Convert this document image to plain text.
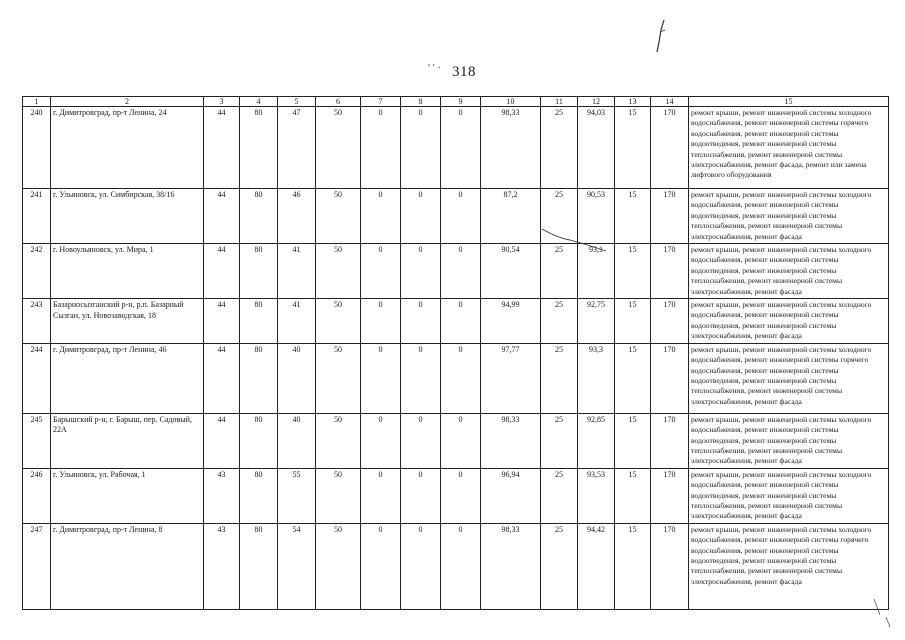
' ' · 318
1	2	3	4	5	6	7	8	9	10	11	12	13	14	15
240	г. Димитровград, пр-т Ленина, 24	44	80	47	50	0	0	0	98,33	25	94,03	15	170	ремонт крыши, ремонт инженерной системы холодного водоснабжения, ремонт инженерной системы горячего водоснабжения, ремонт инженерной системы водоотведения, ремонт инженерной системы теплоснабжения, ремонт инженерной системы электроснабжения, ремонт фасада, ремонт или замена лифтового оборудования
241	г. Ульяновск, ул. Симбирская, 38/16	44	80	46	50	0	0	0	87,2	25	90,53	15	170	ремонт крыши, ремонт инженерной системы холодного водоснабжения, ремонт инженерной системы водоотведения, ремонт инженерной системы теплоснабжения, ремонт инженерной системы электроснабжения, ремонт фасада
242	г. Новоульяновск, ул. Мира, 1	44	80	41	50	0	0	0	90,54	25	93,1	15	170	ремонт крыши, ремонт инженерной системы холодного водоснабжения, ремонт инженерной системы водоотведения, ремонт инженерной системы теплоснабжения, ремонт инженерной системы электроснабжения, ремонт фасада
243	Базарносызганский р-н, р.п. Базарный Сызган, ул. Новозаводская, 18	44	80	41	50	0	0	0	94,99	25	92,75	15	170	ремонт крыши, ремонт инженерной системы холодного водоснабжения, ремонт инженерной системы водоотведения, ремонт инженерной системы электроснабжения, ремонт фасада
244	г. Димитровград, пр-т Ленина, 46	44	80	40	50	0	0	0	97,77	25	93,3	15	170	ремонт крыши, ремонт инженерной системы холодного водоснабжения, ремонт инженерной системы горячего водоснабжения, ремонт инженерной системы водоотведения, ремонт инженерной системы теплоснабжения, ремонт инженерной системы электроснабжения, ремонт фасада
245	Барышский р-н, г. Барыш, пер. Садовый, 22А	44	80	40	50	0	0	0	98,33	25	92,85	15	170	ремонт крыши, ремонт инженерной системы холодного водоснабжения, ремонт инженерной системы водоотведения, ремонт инженерной системы теплоснабжения, ремонт инженерной системы электроснабжения, ремонт фасада
246	г. Ульяновск, ул. Рабочая, 1	43	80	55	50	0	0	0	96,94	25	93,53	15	170	ремонт крыши, ремонт инженерной системы холодного водоснабжения, ремонт инженерной системы водоотведения, ремонт инженерной системы теплоснабжения, ремонт инженерной системы электроснабжения, ремонт фасада
247	г. Димитровград, пр-т Ленина, 8	43	80	54	50	0	0	0	98,33	25	94,42	15	170	ремонт крыши, ремонт инженерной системы холодного водоснабжения, ремонт инженерной системы горячего водоснабжения, ремонт инженерной системы водоотведения, ремонт инженерной системы теплоснабжения, ремонт инженерной системы электроснабжения, ремонт фасада
